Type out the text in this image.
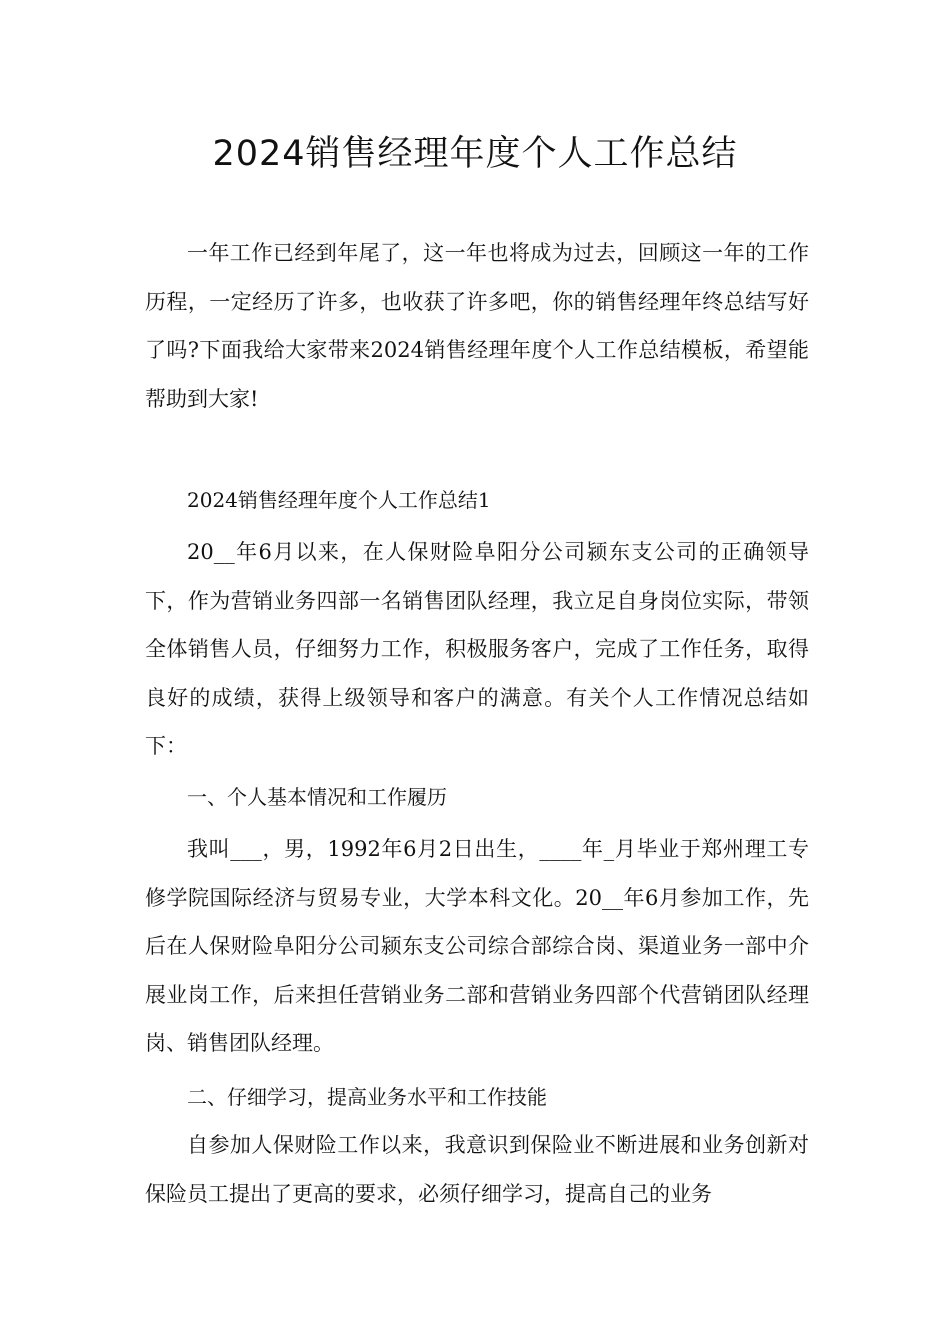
2024销售经理年度个人工作总结

一年工作已经到年尾了，这一年也将成为过去，回顾这一年的工作历程，一定经历了许多，也收获了许多吧，你的销售经理年终总结写好了吗?下面我给大家带来2024销售经理年度个人工作总结模板，希望能帮助到大家!

2024销售经理年度个人工作总结1

20__年6月以来，在人保财险阜阳分公司颍东支公司的正确领导下，作为营销业务四部一名销售团队经理，我立足自身岗位实际，带领全体销售人员，仔细努力工作，积极服务客户，完成了工作任务，取得良好的成绩，获得上级领导和客户的满意。有关个人工作情况总结如下：

一、个人基本情况和工作履历

我叫___，男，1992年6月2日出生，____年_月毕业于郑州理工专修学院国际经济与贸易专业，大学本科文化。20__年6月参加工作，先后在人保财险阜阳分公司颍东支公司综合部综合岗、渠道业务一部中介展业岗工作，后来担任营销业务二部和营销业务四部个代营销团队经理岗、销售团队经理。

二、仔细学习，提高业务水平和工作技能

自参加人保财险工作以来，我意识到保险业不断进展和业务创新对保险员工提出了更高的要求，必须仔细学习，提高自己的业务
